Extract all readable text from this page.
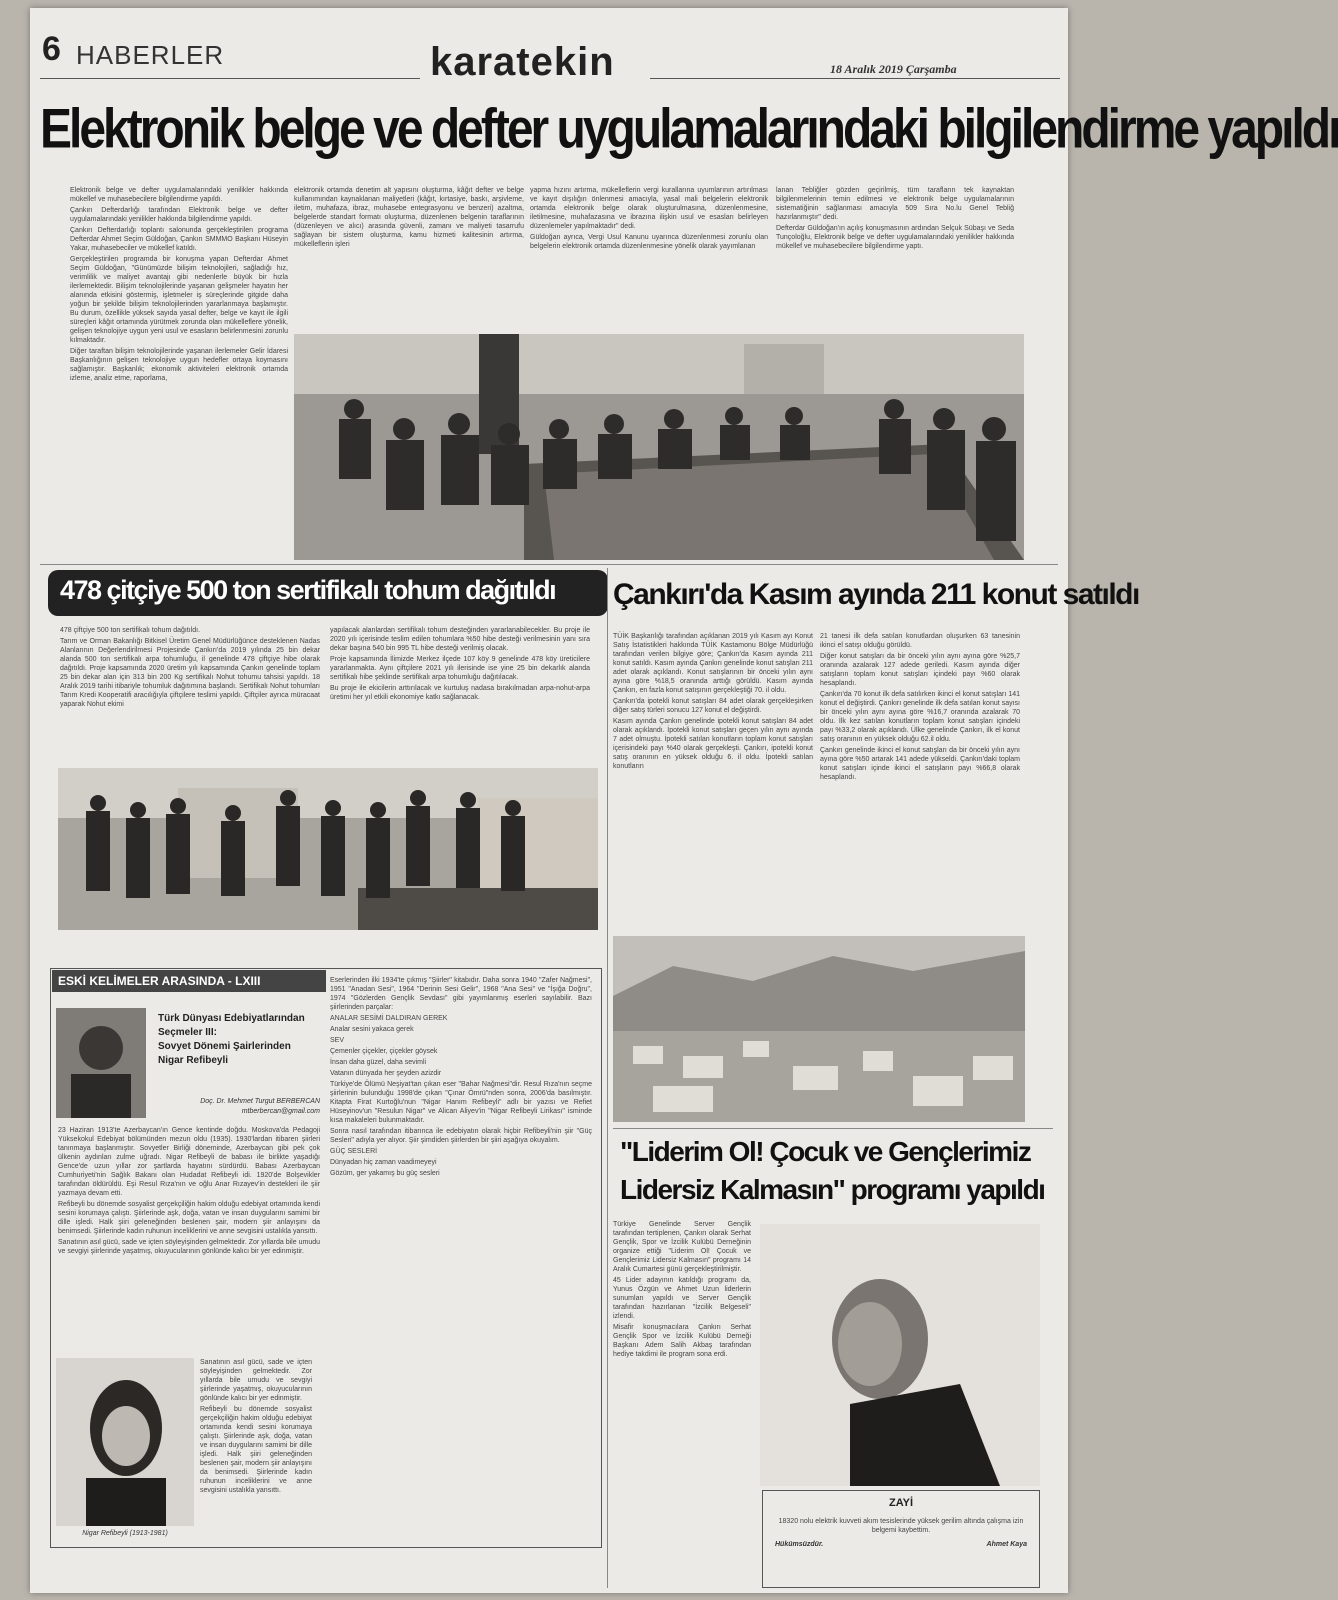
6 HABERLER	karatekin	18 Aralık 2019 Çarşamba
Elektronik belge ve defter uygulamalarındaki bilgilendirme yapıldı

Elektronik belge ve defter uygulamalarındaki yenilikler hakkında mükellef ve muhasebecilere bilgilendirme yapıldı.

Çankırı Defterdarlığı tarafından Elektronik belge ve defter uygulamalarındaki yenilikler hakkında bilgilendirme yapıldı.

Çankırı Defterdarlığı toplantı salonunda gerçekleştirilen programa Defterdar Ahmet Seçim Güldoğan, Çankırı SMMMO Başkanı Hüseyin Yakar, muhasebeciler ve mükellef katıldı.

Gerçekleştirilen programda bir konuşma yapan Defterdar Ahmet Seçim Güldoğan, "Günümüzde bilişim teknolojileri, sağladığı hız, verimlilik ve maliyet avantajı gibi nedenlerle büyük bir hızla ilerlemektedir. Bilişim teknolojilerinde yaşanan gelişmeler hayatın her alanında etkisini göstermiş, işletmeler iş süreçlerinde gitgide daha yoğun bir şekilde bilişim teknolojilerinden yararlanmaya başlamıştır. Bu durum, özellikle yüksek sayıda yasal defter, belge ve kayıt ile ilgili süreçleri kâğıt ortamında yürütmek zorunda olan mükelleflere yönelik, gelişen teknolojiye uygun yeni usul ve esasların belirlenmesini zorunlu kılmaktadır.

Diğer taraftan bilişim teknolojilerinde yaşanan ilerlemeler Gelir İdaresi Başkanlığının gelişen teknolojiye uygun hedefler ortaya koymasını sağlamıştır. Başkanlık; ekonomik aktiviteleri elektronik ortamda izleme, analiz etme, raporlama,

elektronik ortamda denetim alt yapısını oluşturma, kâğıt defter ve belge kullanımından kaynaklanan maliyetleri (kâğıt, kırtasiye, baskı, arşivleme, iletim, muhafaza, ibraz, muhasebe entegrasyonu ve benzeri) azaltma, belgelerde standart formatı oluşturma, düzenlenen belgenin taraflarının (düzenleyen ve alıcı) arasında güvenli, zamanı ve maliyeti tasarrufu sağlayan bir sistem oluşturma, kamu hizmeti kalitesinin artırma, mükelleflerin işleri

yapma hızını artırma, mükelleflerin vergi kurallarına uyumlarının artırılması ve kayıt dışılığın önlenmesi amacıyla, yasal mali belgelerin elektronik ortamda elektronik belge olarak oluşturulmasına, düzenlenmesine, iletilmesine, muhafazasına ve ibrazına ilişkin usul ve esasları belirleyen düzenlemeler yapılmaktadır" dedi.

Güldoğan ayrıca, Vergi Usul Kanunu uyarınca düzenlenmesi zorunlu olan belgelerin elektronik ortamda düzenlenmesine yönelik olarak yayımlanan

lanan Tebliğler gözden geçirilmiş, tüm tarafların tek kaynaktan bilgilenmelerinin temin edilmesi ve elektronik belge uygulamalarının sistematiğinin sağlanması amacıyla 509 Sıra No.lu Genel Tebliğ hazırlanmıştır" dedi.

Defterdar Güldoğan'ın açılış konuşmasının ardından Selçuk Sübaşı ve Seda Tunçoloğlu, Elektronik belge ve defter uygulamalarındaki yenilikler hakkında mükellef ve muhasebecilere bilgilendirme yaptı.

478 çitçiye 500 ton sertifikalı tohum dağıtıldı

478 çiftçiye 500 ton sertifikalı tohum dağıtıldı.

Tarım ve Orman Bakanlığı Bitkisel Üretim Genel Müdürlüğünce desteklenen Nadas Alanlarının Değerlendirilmesi Projesinde Çankırı'da 2019 yılında 25 bin dekar alanda 500 ton sertifikalı arpa tohumluğu, il genelinde 478 çiftçiye hibe olarak dağıtıldı. Proje kapsamında 2020 üretim yılı kapsamında Çankırı genelinde toplam 25 bin dekar alan için 313 bin 200 Kg sertifikalı Nohut tohumu tahsisi yapıldı. 18 Aralık 2019 tarihi itibariyle tohumluk dağıtımına başlandı. Sertifikalı Nohut tohumları Tarım Kredi Kooperatifi aracılığıyla çiftçilere teslimi yapıldı. Çiftçiler ayrıca müracaat yaparak Nohut ekimi

yapılacak alanlardan sertifikalı tohum desteğinden yararlanabilecekler. Bu proje ile 2020 yılı içerisinde teslim edilen tohumlara %50 hibe desteği verilmesinin yanı sıra dekar başına 540 bin 995 TL hibe desteği verilmiş olacak.

Proje kapsamında İlimizde Merkez ilçede 107 köy 9 genelinde 478 köy üreticilere yararlanmakta. Aynı çiftçilere 2021 yılı ilerisinde ise yine 25 bin dekarlık alanda sertifikalı hibe şeklinde sertifikalı arpa tohumluğu dağıtılacak.

Bu proje ile ekicilerin arttırılacak ve kurtuluş nadasa bırakılmadan arpa-nohut-arpa üretimi her yıl etkili ekonomiye katkı sağlanacak.

Çankırı'da Kasım ayında 211 konut satıldı

TÜİK Başkanlığı tarafından açıklanan 2019 yılı Kasım ayı Konut Satış İstatistikleri hakkında TÜİK Kastamonu Bölge Müdürlüğü tarafından verilen bilgiye göre; Çankırı'da Kasım ayında 211 konut satıldı. Kasım ayında Çankırı genelinde konut satışları 211 adet olarak açıklandı. Konut satışlarının bir önceki yılın aynı ayına göre %18,5 oranında arttığı görüldü. Kasım ayında Çankırı, en fazla konut satışının gerçekleştiği 70. il oldu.

Çankırı'da ipotekli konut satışları 84 adet olarak gerçekleşirken diğer satış türleri sonucu 127 konut el değiştirdi.

Kasım ayında Çankırı genelinde ipotekli konut satışları 84 adet olarak açıklandı. İpotekli konut satışları geçen yılın aynı ayında 7 adet olmuştu. İpotekli satılan konutların toplam konut satışları içerisindeki payı %40 olarak gerçekleşti. Çankırı, ipotekli konut satış oranının en yüksek olduğu 6. il oldu. İpotekli satılan konutların

21 tanesi ilk defa satılan konutlardan oluşurken 63 tanesinin ikinci el satışı olduğu görüldü.

Diğer konut satışları da bir önceki yılın aynı ayına göre %25,7 oranında azalarak 127 adede geriledi. Kasım ayında diğer satışların toplam konut satışları içindeki payı %60 olarak hesaplandı.

Çankırı'da 70 konut ilk defa satılırken ikinci el konut satışları 141 konut el değiştirdi. Çankırı genelinde ilk defa satılan konut sayısı bir önceki yılın aynı ayına göre %16,7 oranında azalarak 70 oldu. İlk kez satılan konutların toplam konut satışları içindeki payı %33,2 olarak açıklandı. Ülke genelinde Çankırı, ilk el konut satış oranının en yüksek olduğu 62.il oldu.

Çankırı genelinde ikinci el konut satışları da bir önceki yılın aynı ayına göre %50 artarak 141 adede yükseldi. Çankırı'daki toplam konut satışları içinde ikinci el satışların payı %66,8 olarak hesaplandı.

ESKİ KELİMELER ARASINDA - LXIII
Türk Dünyası Edebiyatlarından
Seçmeler III:
Sovyet Dönemi Şairlerinden
Nigar Refibeyli
Doç. Dr. Mehmet Turgut BERBERCAN
mtberbercan@gmail.com

23 Haziran 1913'te Azerbaycan'ın Gence kentinde doğdu. Moskova'da Pedagoji Yüksekokul Edebiyat bölümünden mezun oldu (1935). 1930'lardan itibaren şiirleri tanınmaya başlanmıştır. Sovyetler Birliği döneminde, Azerbaycan gibi pek çok ülkenin aydınları zulme uğradı. Nigar Refibeyli de babası ile birlikte yaşadığı Gence'de uzun yıllar zor şartlarda hayatını sürdürdü. Babası Azerbaycan Cumhuriyeti'nin Sağlık Bakanı olan Hudadat Refibeyli idi. 1920'de Bolşevikler tarafından öldürüldü. Eşi Resul Rıza'nın ve oğlu Anar Rızayev'in destekleri ile şiir yazmaya devam etti.

Refibeyli bu dönemde sosyalist gerçekçiliğin hakim olduğu edebiyat ortamında kendi sesini korumaya çalıştı. Şiirlerinde aşk, doğa, vatan ve insan duygularını samimi bir dille işledi. Halk şiiri geleneğinden beslenen şair, modern şiir anlayışını da benimsedi. Şiirlerinde kadın ruhunun inceliklerini ve anne sevgisini ustalıkla yansıttı.

Sanatının asıl gücü, sade ve içten söyleyişinden gelmektedir. Zor yıllarda bile umudu ve sevgiyi şiirlerinde yaşatmış, okuyucularının gönlünde kalıcı bir yer edinmiştir.

Nigar Refibeyli (1913-1981)

Sanatının asıl gücü, sade ve içten söyleyişinden gelmektedir. Zor yıllarda bile umudu ve sevgiyi şiirlerinde yaşatmış, okuyucularının gönlünde kalıcı bir yer edinmiştir.

Refibeyli bu dönemde sosyalist gerçekçiliğin hakim olduğu edebiyat ortamında kendi sesini korumaya çalıştı. Şiirlerinde aşk, doğa, vatan ve insan duygularını samimi bir dille işledi. Halk şiiri geleneğinden beslenen şair, modern şiir anlayışını da benimsedi. Şiirlerinde kadın ruhunun inceliklerini ve anne sevgisini ustalıkla yansıttı.

Eserlerinden ilki 1934'te çıkmış "Şiirler" kitabıdır. Daha sonra 1940 "Zafer Nağmesi", 1951 "Anadan Sesi", 1964 "Derinin Sesi Gelir", 1968 "Ana Sesi" ve "İşığa Doğru", 1974 "Gözlerden Gençlik Sevdası" gibi yayımlanmış eserleri sayılabilir. Bazı şiirlerinden parçalar:

ANALAR SESİMİ DALDIRAN GEREK

Analar sesini yakaca gerek

SEV

Çemenler çiçekler, çiçekler göysek

İnsan daha güzel, daha sevimli

Vatanın dünyada her şeyden azizdir

Türkiye'de Ölümü Neşiyat'tan çıkan eser "Bahar Nağmesi"dir. Resul Rıza'nın seçme şiirlerinin bulunduğu 1998'de çıkan "Çınar Ömrü"nden sonra, 2006'da basılmıştır. Kitapta Firat Kurtoğlu'nun "Nigar Hanım Refibeyli" adlı bir yazısı ve Refiet Hüseyinov'un "Resulun Nigar" ve Alican Aliyev'in "Nigar Refibeyli Lirikası" isminde kısa makaleleri bulunmaktadır.

Sonra nasıl tarafından itibarınca ile edebiyatın olarak hiçbir Refibeyli'nin şiir "Güç Sesleri" adıyla yer alıyor. Şiir şimdiden şiirlerden bir şiiri aşağıya okuyalım.

GÜÇ SESLERİ

Dünyadan hiç zaman vaadimeyeyi

Gözüm, ger yakamış bu güç sesleri

"Liderim Ol! Çocuk ve Gençlerimiz
Lidersiz Kalmasın" programı yapıldı

Türkiye Genelinde Server Gençlik tarafından tertiplenen, Çankırı olarak Serhat Gençlik, Spor ve İzcilik Kulübü Derneğinin organize ettiği "Liderim Ol! Çocuk ve Gençlerimiz Lidersiz Kalmasın" programı 14 Aralık Cumartesi günü gerçekleştirilmiştir.

45 Lider adayının katıldığı programı da, Yunus Özgün ve Ahmet Uzun liderlerin sunumları yapıldı ve Server Gençlik tarafından hazırlanan "İzcilik Belgeseli" izlendi.

Misafir konuşmacılara Çankırı Serhat Gençlik Spor ve İzcilik Kulübü Derneği Başkanı Adem Salih Akbaş tarafından hediye takdimi ile program sona erdi.

ZAYİ
18320 nolu elektrik kuvveti akım tesislerinde yüksek gerilim altında çalışma izin belgemi kaybettim.
Hükümsüzdür.	Ahmet Kaya
